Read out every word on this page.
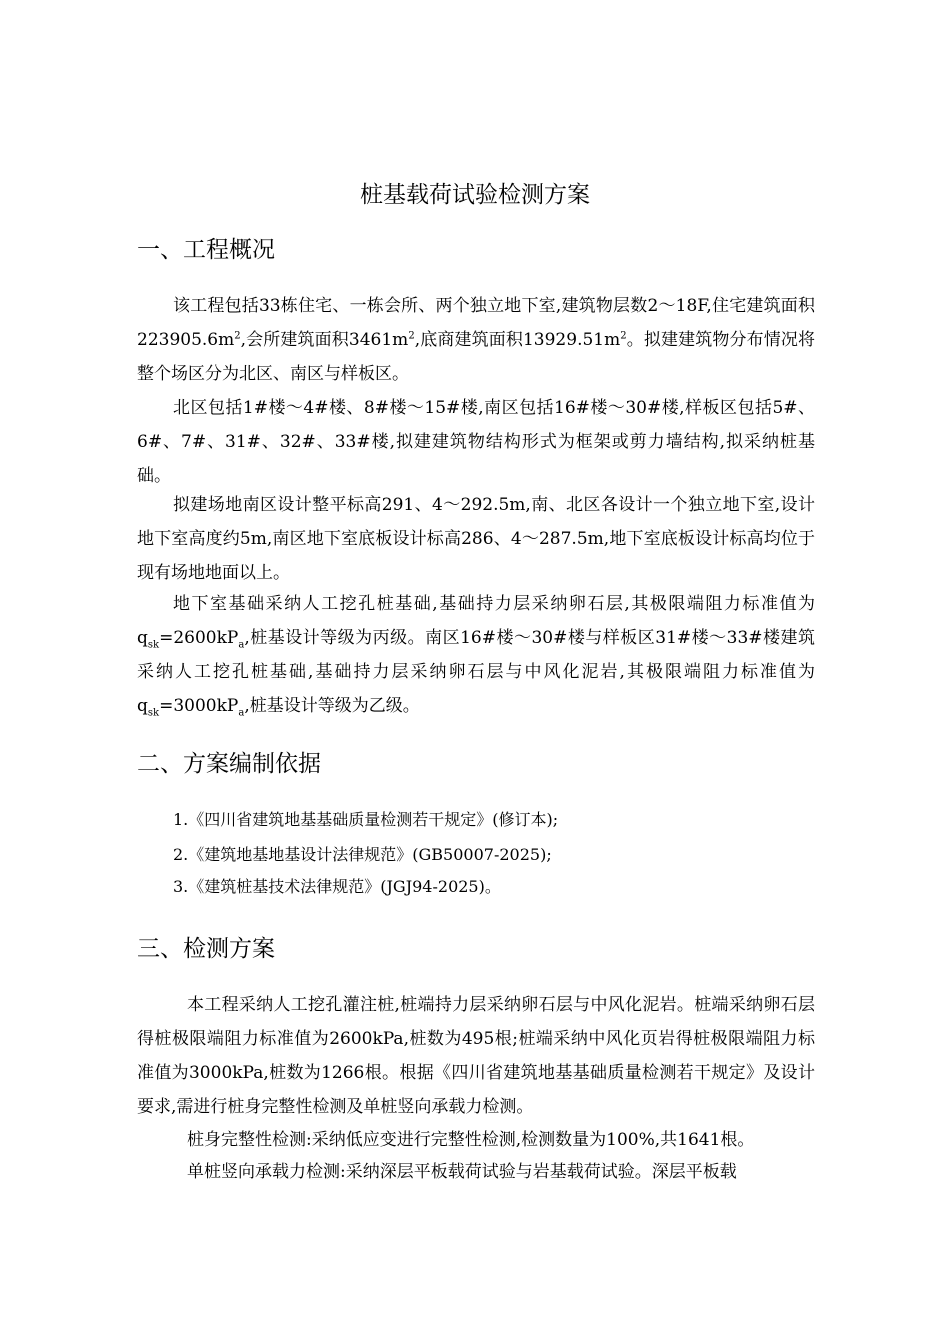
桩基载荷试验检测方案
一、工程概况

该工程包括33栋住宅、一栋会所、两个独立地下室,建筑物层数2～18F,住宅建筑面积$223905.6m^2$,会所建筑面积$3461m^2$,底商建筑面积$13929.51m^2$。拟建建筑物分布情况将整个场区分为北区、南区与样板区。

北区包括1#楼～4#楼、8#楼～15#楼,南区包括16#楼～30#楼,样板区包括5#、6#、7#、31#、32#、33#楼,拟建建筑物结构形式为框架或剪力墙结构,拟采纳桩基础。

拟建场地南区设计整平标高291、4～292.5m,南、北区各设计一个独立地下室,设计地下室高度约5m,南区地下室底板设计标高286、4～287.5m,地下室底板设计标高均位于现有场地地面以上。

地下室基础采纳人工挖孔桩基础,基础持力层采纳卵石层,其极限端阻力标准值为$q_{sk}=2600kP_a$,桩基设计等级为丙级。南区16#楼～30#楼与样板区31#楼～33#楼建筑采纳人工挖孔桩基础,基础持力层采纳卵石层与中风化泥岩,其极限端阻力标准值为$q_{sk}=3000kP_a$,桩基设计等级为乙级。

二、方案编制依据
1.《四川省建筑地基基础质量检测若干规定》(修订本);
2.《建筑地基地基设计法律规范》(GB50007-2025);
3.《建筑桩基技术法律规范》(JGJ94-2025)。
三、检测方案

本工程采纳人工挖孔灌注桩,桩端持力层采纳卵石层与中风化泥岩。桩端采纳卵石层得桩极限端阻力标准值为2600kPa,桩数为495根;桩端采纳中风化页岩得桩极限端阻力标准值为3000kPa,桩数为1266根。根据《四川省建筑地基基础质量检测若干规定》及设计要求,需进行桩身完整性检测及单桩竖向承载力检测。

桩身完整性检测:采纳低应变进行完整性检测,检测数量为100%,共1641根。

单桩竖向承载力检测:采纳深层平板载荷试验与岩基载荷试验。深层平板载
